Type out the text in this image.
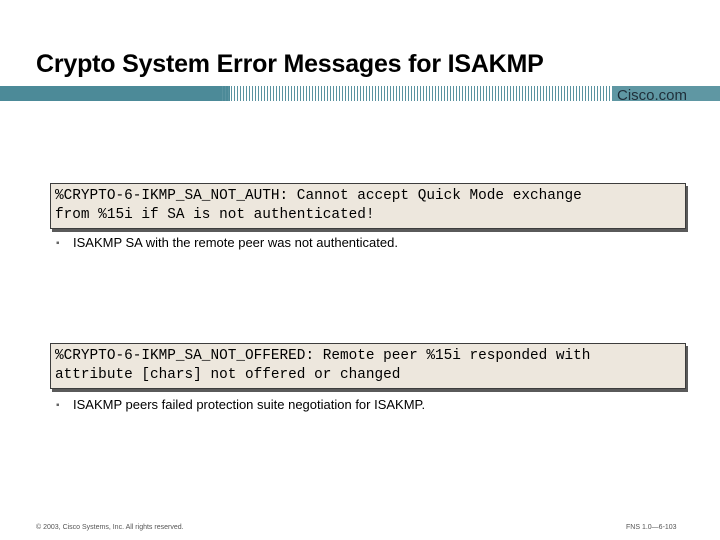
Crypto System Error Messages for ISAKMP
Cisco.com
%CRYPTO-6-IKMP_SA_NOT_AUTH: Cannot accept Quick Mode exchange
from %15i if SA is not authenticated!
▪ ISAKMP SA with the remote peer was not authenticated.
%CRYPTO-6-IKMP_SA_NOT_OFFERED: Remote peer %15i responded with
attribute [chars] not offered or changed
▪ ISAKMP peers failed protection suite negotiation for ISAKMP.
© 2003, Cisco Systems, Inc. All rights reserved.	FNS 1.0—6-103
